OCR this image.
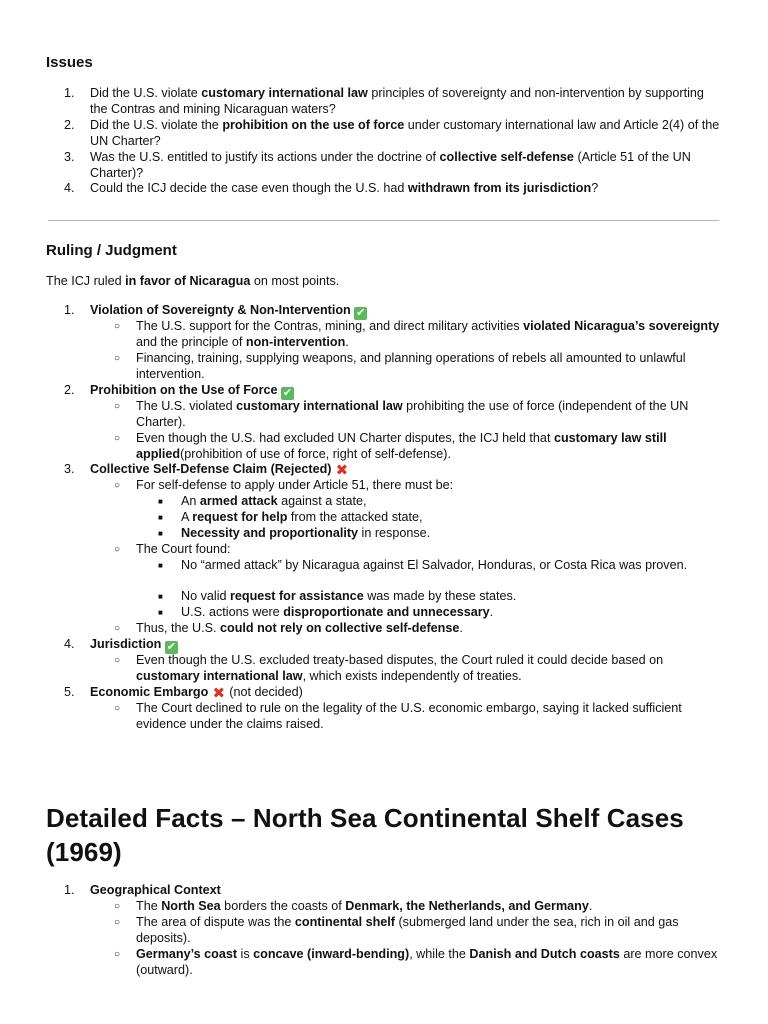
Issues
1.	Did the U.S. violate customary international law principles of sovereignty and non-intervention by supporting the Contras and mining Nicaraguan waters?
2.	Did the U.S. violate the prohibition on the use of force under customary international law and Article 2(4) of the UN Charter?
3.	Was the U.S. entitled to justify its actions under the doctrine of collective self-defense (Article 51 of the UN Charter)?
4.	Could the ICJ decide the case even though the U.S. had withdrawn from its jurisdiction?
Ruling / Judgment

The ICJ ruled in favor of Nicaragua on most points.

1.	Violation of Sovereignty & Non-Intervention ✔
○ The U.S. support for the Contras, mining, and direct military activities violated Nicaragua’s sovereignty and the principle of non-intervention.
○ Financing, training, supplying weapons, and planning operations of rebels all amounted to unlawful intervention.
2.	Prohibition on the Use of Force ✔
○ The U.S. violated customary international law prohibiting the use of force (independent of the UN Charter).
○ Even though the U.S. had excluded UN Charter disputes, the ICJ held that customary law still applied(prohibition of use of force, right of self-defense).
3.	Collective Self-Defense Claim (Rejected) ✖
○ For self-defense to apply under Article 51, there must be:
■ An armed attack against a state,
■ A request for help from the attacked state,
■ Necessity and proportionality in response.
○ The Court found:
■ No “armed attack” by Nicaragua against El Salvador, Honduras, or Costa Rica was proven.
■ No valid request for assistance was made by these states.
■ U.S. actions were disproportionate and unnecessary.
○ Thus, the U.S. could not rely on collective self-defense.
4.	Jurisdiction ✔
○ Even though the U.S. excluded treaty-based disputes, the Court ruled it could decide based on customary international law, which exists independently of treaties.
5.	Economic Embargo ✖ (not decided)
○ The Court declined to rule on the legality of the U.S. economic embargo, saying it lacked sufficient evidence under the claims raised.
Detailed Facts – North Sea Continental Shelf Cases (1969)
1.	Geographical Context
○ The North Sea borders the coasts of Denmark, the Netherlands, and Germany.
○ The area of dispute was the continental shelf (submerged land under the sea, rich in oil and gas deposits).
○ Germany’s coast is concave (inward-bending), while the Danish and Dutch coasts are more convex (outward).
